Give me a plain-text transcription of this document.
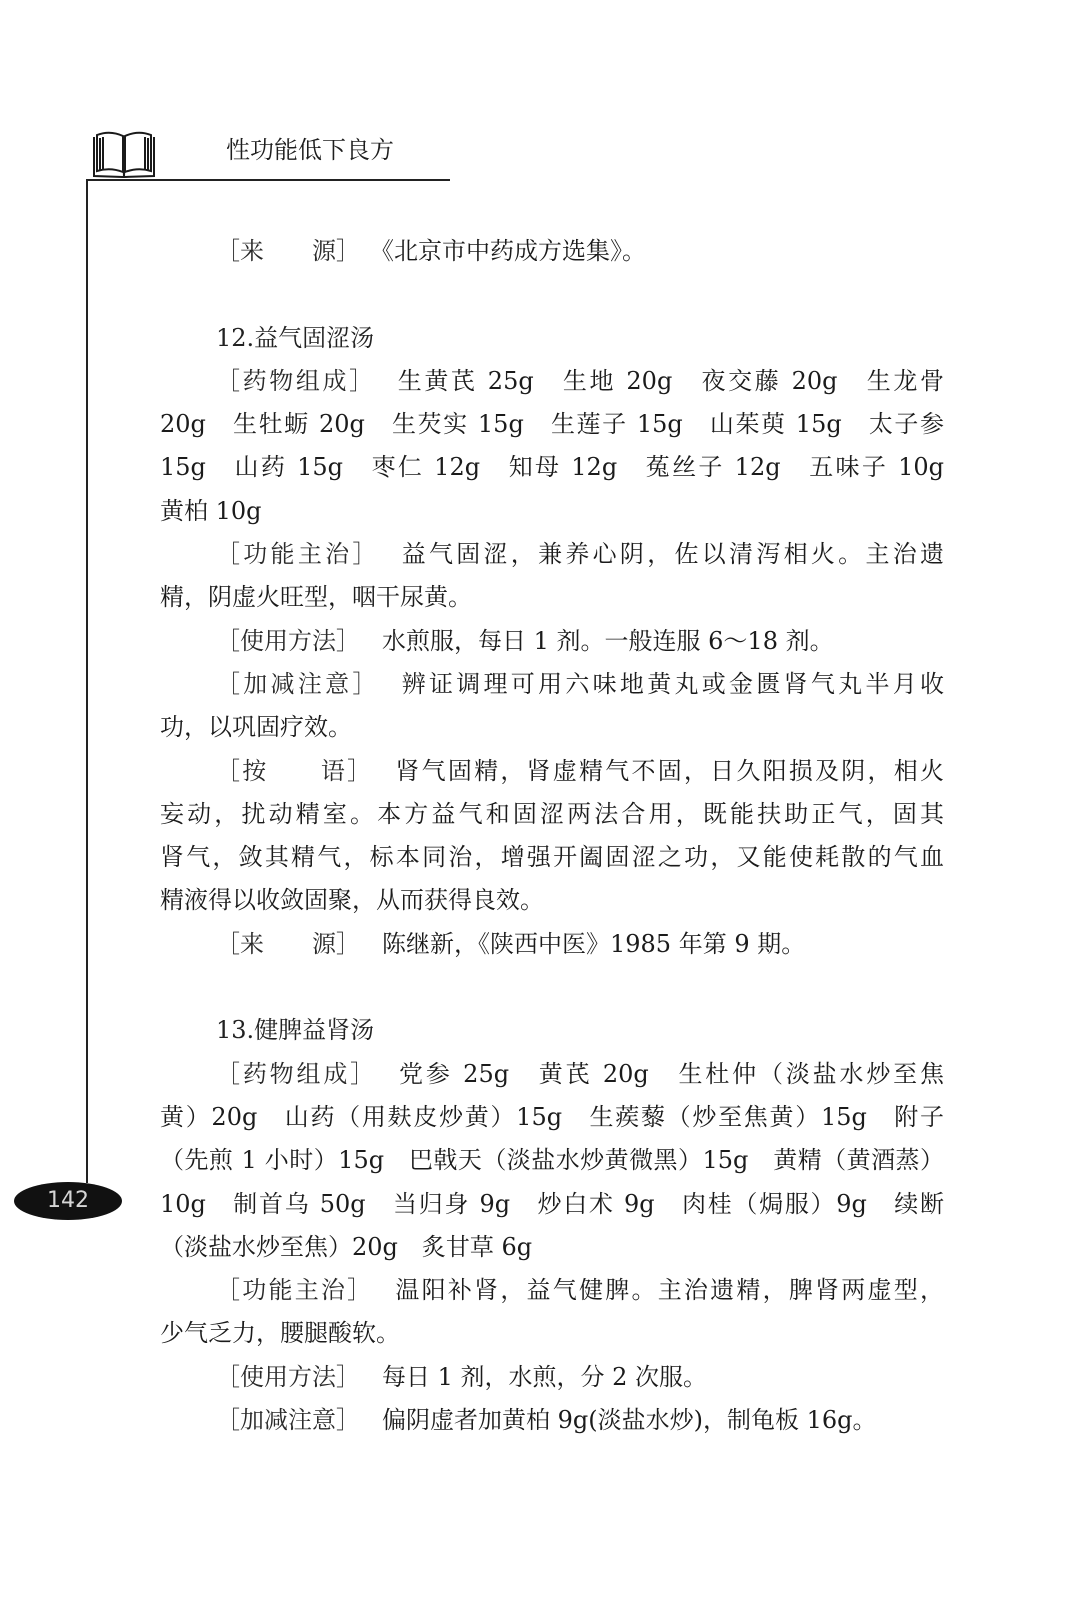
性功能低下良方
142
［来　　源］ 《北京市中药成方选集》。
12.益气固涩汤
［药物组成］ 生黄芪 25g　生地 20g　夜交藤 20g　生龙骨
20g　生牡蛎 20g　生芡实 15g　生莲子 15g　山茱萸 15g　太子参
15g　山药 15g　枣仁 12g　知母 12g　菟丝子 12g　五味子 10g
黄柏 10g
［功能主治］ 益气固涩，兼养心阴，佐以清泻相火。主治遗
精，阴虚火旺型，咽干尿黄。
［使用方法］ 水煎服，每日 1 剂。一般连服 6～18 剂。
［加减注意］ 辨证调理可用六味地黄丸或金匮肾气丸半月收
功，以巩固疗效。
［按　　语］ 肾气固精，肾虚精气不固，日久阳损及阴，相火
妄动，扰动精室。本方益气和固涩两法合用，既能扶助正气，固其
肾气，敛其精气，标本同治，增强开阖固涩之功，又能使耗散的气血
精液得以收敛固聚，从而获得良效。
［来　　源］ 陈继新，《陕西中医》1985 年第 9 期。
13.健脾益肾汤
［药物组成］ 党参 25g　黄芪 20g　生杜仲（淡盐水炒至焦
黄）20g　山药（用麸皮炒黄）15g　生蒺藜（炒至焦黄）15g　附子
（先煎 1 小时）15g　巴戟天（淡盐水炒黄微黑）15g　黄精（黄酒蒸）
10g　制首乌 50g　当归身 9g　炒白术 9g　肉桂（焗服）9g　续断
（淡盐水炒至焦）20g　炙甘草 6g
［功能主治］ 温阳补肾，益气健脾。主治遗精，脾肾两虚型，
少气乏力，腰腿酸软。
［使用方法］ 每日 1 剂，水煎，分 2 次服。
［加减注意］ 偏阴虚者加黄柏 9g(淡盐水炒)，制龟板 16g。
